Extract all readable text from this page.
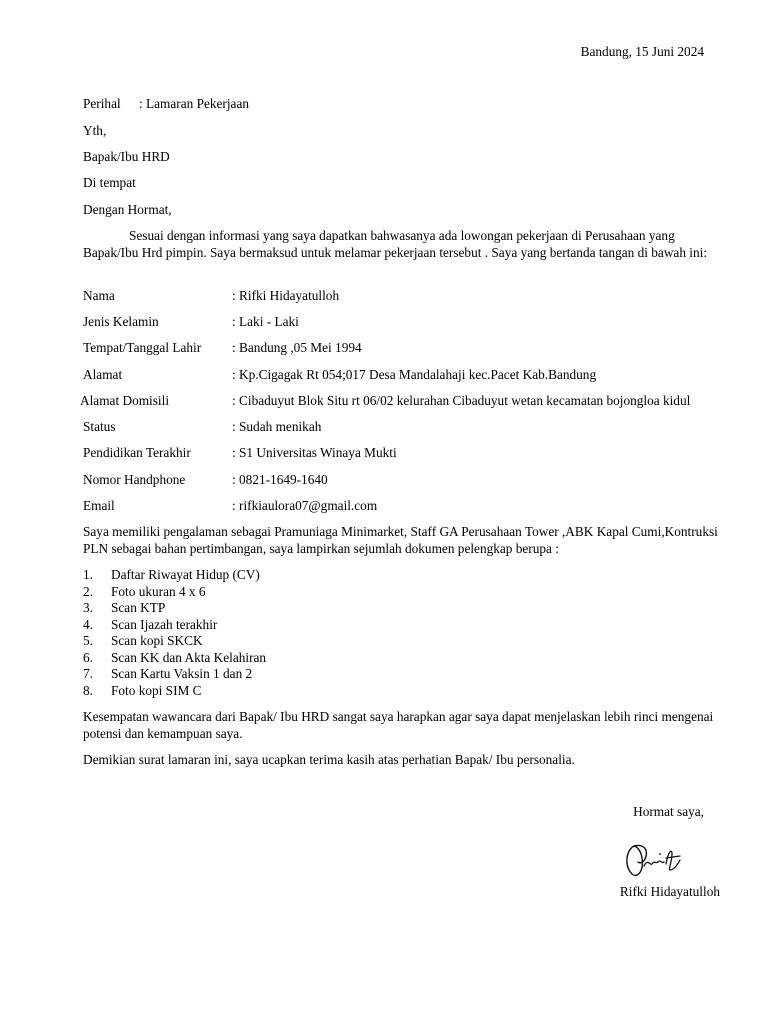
Bandung, 15 Juni 2024
Perihal : Lamaran Pekerjaan
Yth,
Bapak/Ibu HRD
Di tempat
Dengan Hormat,
Sesuai dengan informasi yang saya dapatkan bahwasanya ada lowongan pekerjaan di Perusahaan yang Bapak/Ibu Hrd pimpin. Saya bermaksud untuk melamar pekerjaan tersebut . Saya yang bertanda tangan di bawah ini:
Nama	: Rifki Hidayatulloh
Jenis Kelamin	: Laki - Laki
Tempat/Tanggal Lahir : Bandung ,05 Mei 1994
Alamat	: Kp.Cigagak Rt 054;017 Desa Mandalahaji kec.Pacet Kab.Bandung
Alamat Domisili	: Cibaduyut Blok Situ rt 06/02 kelurahan Cibaduyut wetan kecamatan bojongloa kidul
Status	: Sudah menikah
Pendidikan Terakhir	: S1 Universitas Winaya Mukti
Nomor Handphone	: 0821-1649-1640
Email	: rifkiaulora07@gmail.com
Saya memiliki pengalaman sebagai Pramuniaga Minimarket, Staff GA Perusahaan Tower ,ABK Kapal Cumi,Kontruksi PLN sebagai bahan pertimbangan, saya lampirkan sejumlah dokumen pelengkap berupa :
1.	Daftar Riwayat Hidup (CV)
2.	Foto ukuran 4 x 6
3.	Scan KTP
4.	Scan Ijazah terakhir
5.	Scan kopi SKCK
6.	Scan KK dan Akta Kelahiran
7.	Scan Kartu Vaksin 1 dan 2
8.	Foto kopi SIM C
Kesempatan wawancara dari Bapak/ Ibu HRD sangat saya harapkan agar saya dapat menjelaskan lebih rinci mengenai potensi dan kemampuan saya.
Demikian surat lamaran ini, saya ucapkan terima kasih atas perhatian Bapak/ Ibu personalia.
Hormat saya,
Rifki Hidayatulloh
